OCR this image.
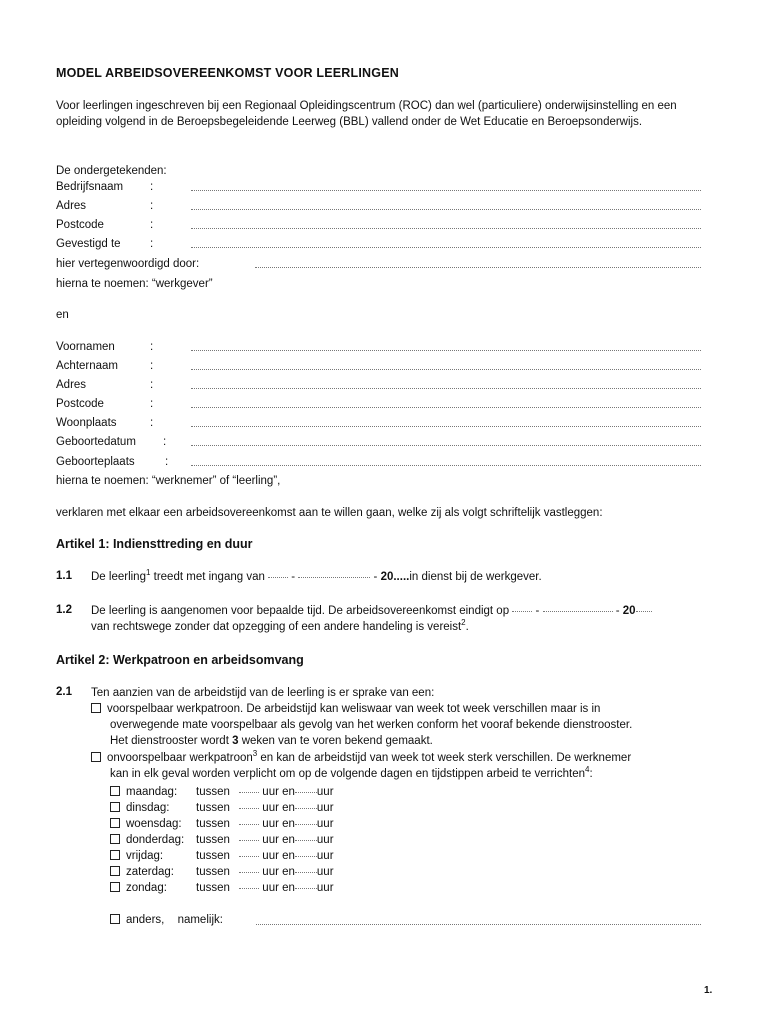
MODEL ARBEIDSOVEREENKOMST VOOR LEERLINGEN
Voor leerlingen ingeschreven bij een Regionaal Opleidingscentrum (ROC) dan wel (particuliere) onderwijsinstelling en een opleiding volgend in de Beroepsbegeleidende Leerweg (BBL) vallend onder de Wet Educatie en Beroepsonderwijs.
De ondergetekenden:
Bedrijfsnaam :
Adres	:
Postcode	:
Gevestigd te	:
hier vertegenwoordigd door:
hierna te noemen: “werkgever”
en
Voornamen	:
Achternaam	:
Adres	:
Postcode	:
Woonplaats	:
Geboortedatum :
Geboorteplaats	:
hierna te noemen: “werknemer” of “leerling”,
verklaren met elkaar een arbeidsovereenkomst aan te willen gaan, welke zij als volgt schriftelijk vastleggen:
Artikel 1: Indiensttreding en duur
1.1 De leerling$^1$ treedt met ingang van -	- 20.....in dienst bij de werkgever.
1.2 De leerling is aangenomen voor bepaalde tijd. De arbeidsovereenkomst eindigt op -	- 20
van rechtswege zonder dat opzegging of een andere handeling is vereist$^2$.
Artikel 2: Werkpatroon en arbeidsomvang
2.1 Ten aanzien van de arbeidstijd van de leerling is er sprake van een:
voorspelbaar werkpatroon. De arbeidstijd kan weliswaar van week tot week verschillen maar is in
overwegende mate voorspelbaar als gevolg van het werken conform het vooraf bekende dienstrooster.
Het dienstrooster wordt 3 weken van te voren bekend gemaakt.
onvoorspelbaar werkpatroon$^3$ en kan de arbeidstijd van week tot week sterk verschillen. De werknemer
kan in elk geval worden verplicht om op de volgende dagen en tijdstippen arbeid te verrichten$^4$:
maandag: tussen	uur en uur
dinsdag: tussen	uur en uur
woensdag: tussen	uur en uur
donderdag: tussen	uur en uur
vrijdag:	tussen	uur en uur
zaterdag: tussen	uur en uur
zondag:	tussen	uur en uur
anders, namelijk:
1.
